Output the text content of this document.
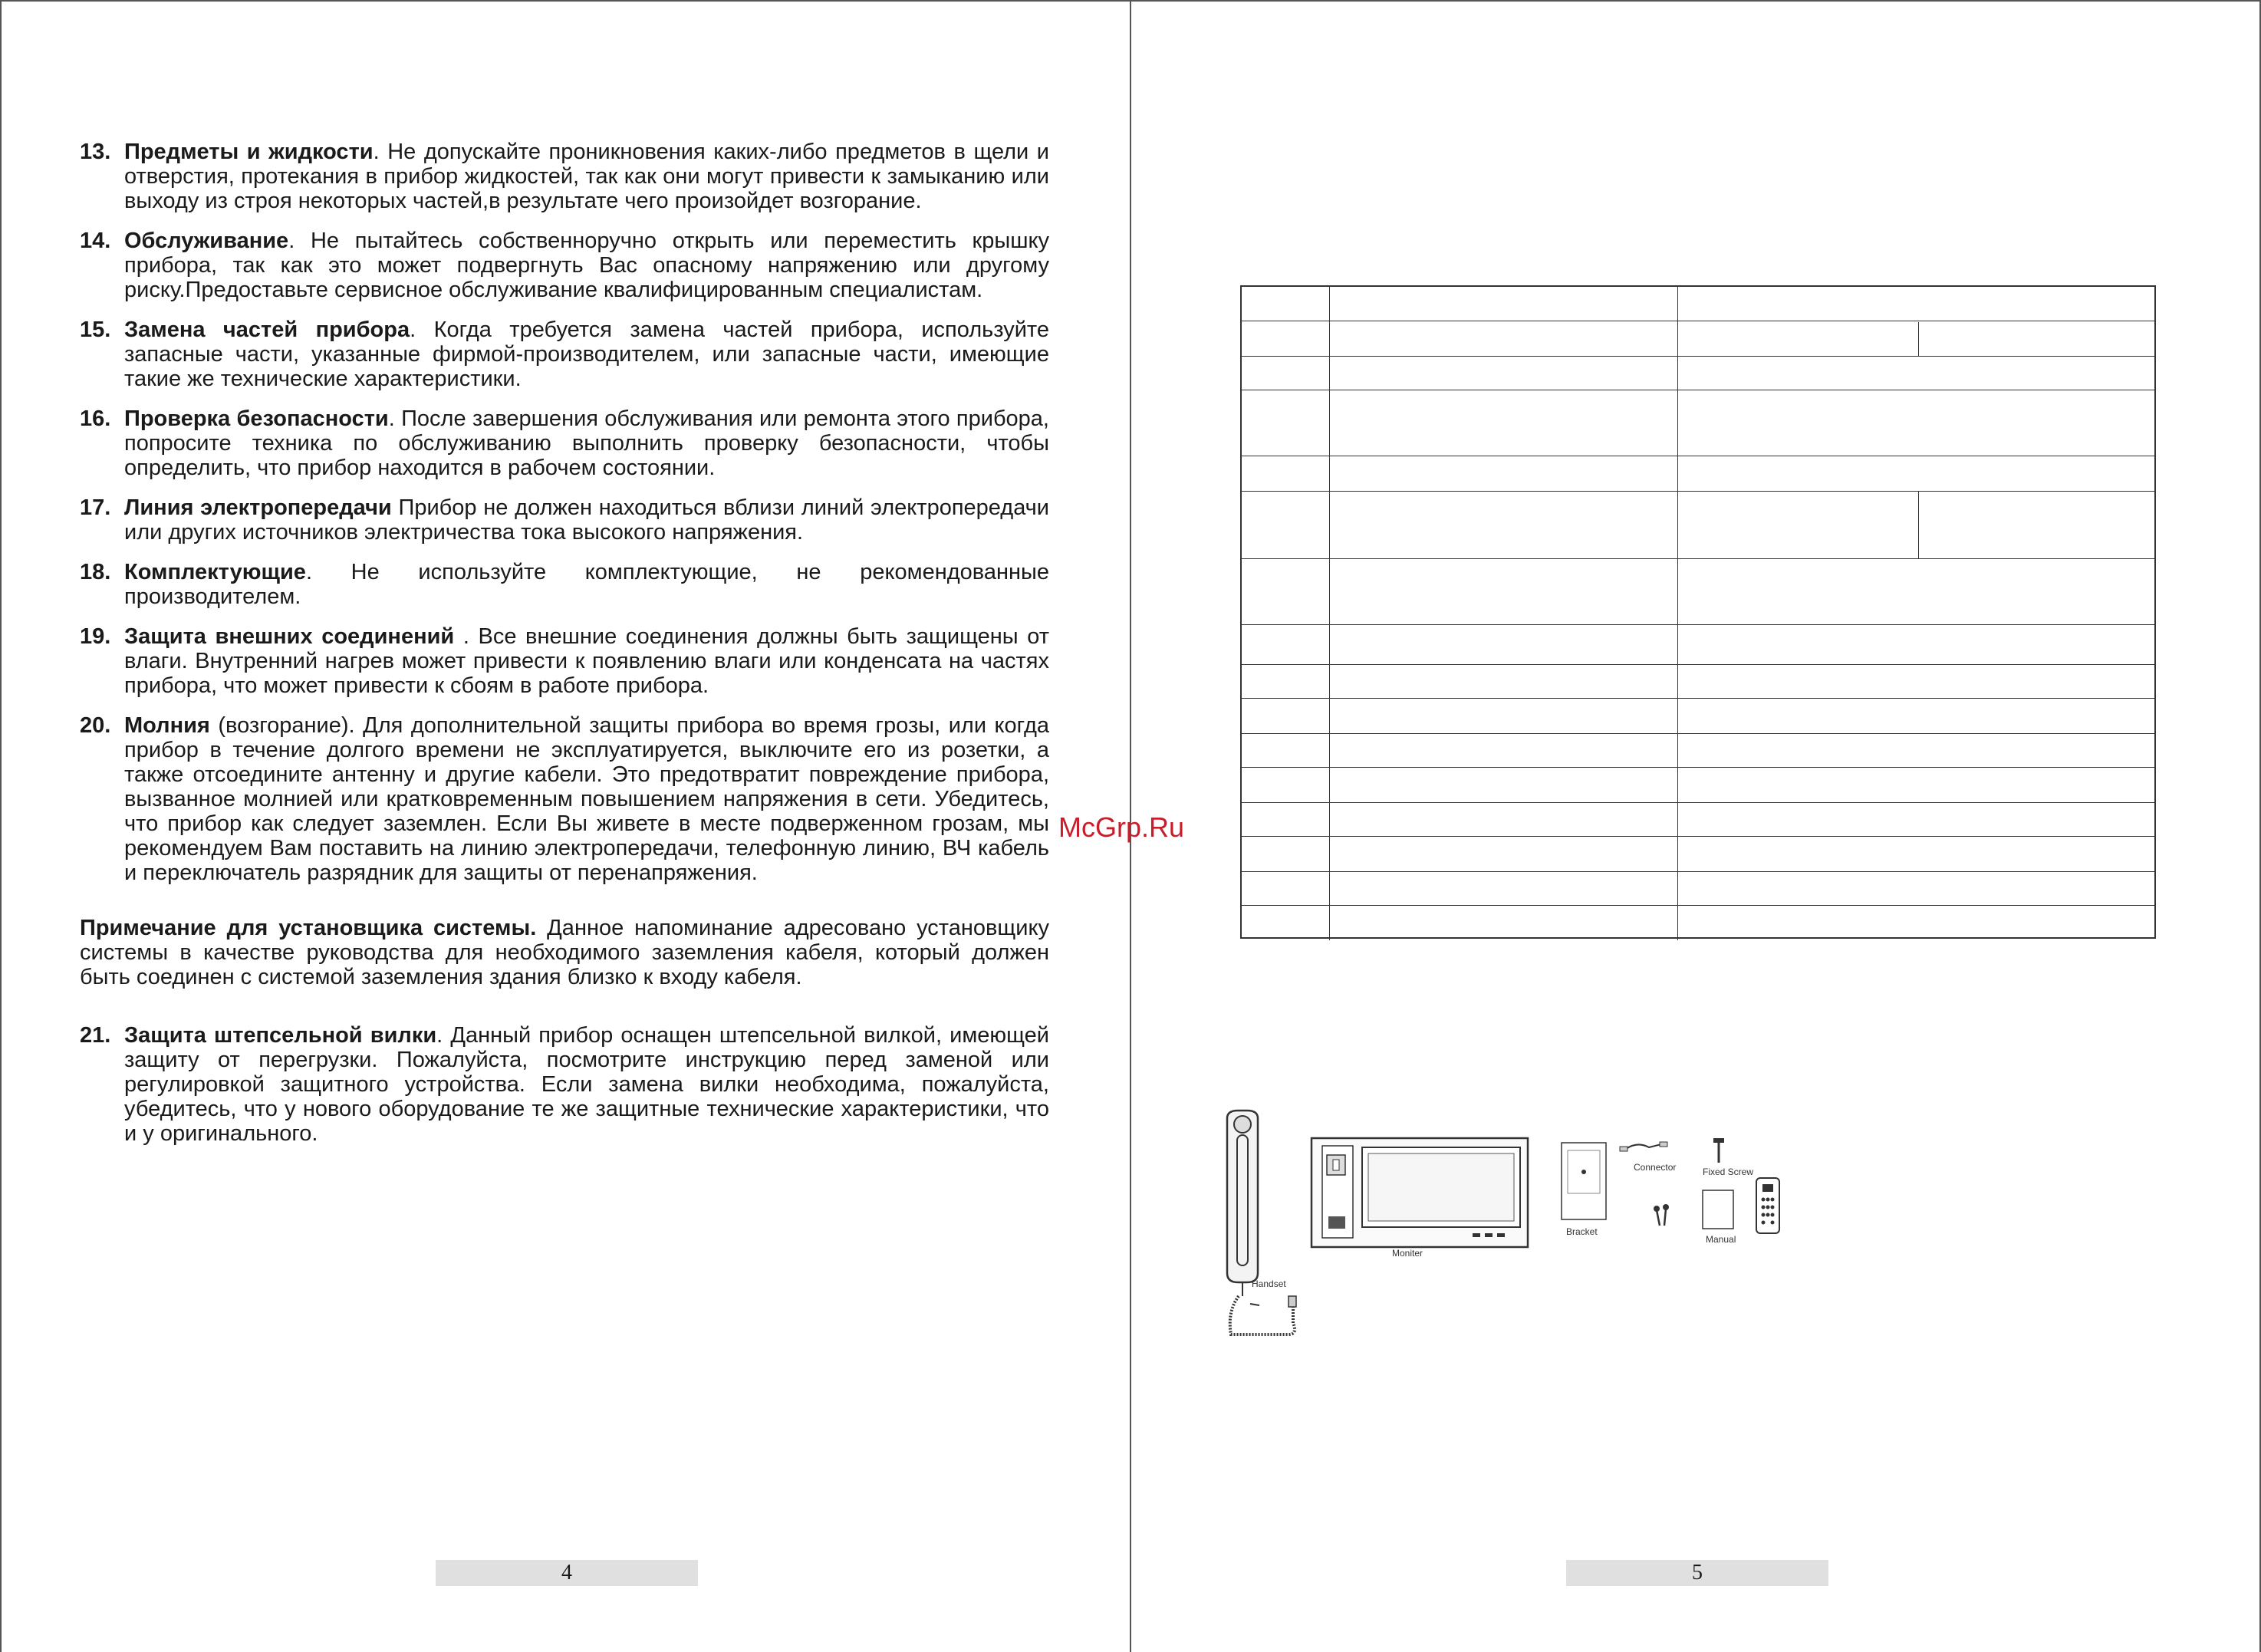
13. Предметы и жидкости. Не допускайте проникновения каких-либо предметов в щели и отверстия, протекания в прибор жидкостей, так как они могут привести к замыканию или выходу из строя некоторых частей,в результате чего произойдет возгорание.
14. Обслуживание. Не пытайтесь собственноручно открыть или переместить крышку прибора, так как это может подвергнуть Вас опасному напряжению или другому риску.Предоставьте сервисное обслуживание квалифицированным специалистам.
15. Замена частей прибора. Когда требуется замена частей прибора, используйте запасные части, указанные фирмой-производителем, или запасные части, имеющие такие же технические характеристики.
16. Проверка безопасности. После завершения обслуживания или ремонта этого прибора, попросите техника по обслуживанию выполнить проверку безопасности, чтобы определить, что прибор находится в рабочем состоянии.
17. Линия электропередачи Прибор не должен находиться вблизи линий электропередачи или других источников электричества тока высокого напряжения.
18. Комплектующие. Не используйте комплектующие, не рекомендованные производителем.
19. Защита внешних соединений . Все внешние соединения должны быть защищены от влаги. Внутренний нагрев может привести к появлению влаги или конденсата на частях прибора, что может привести к сбоям в работе прибора.
20. Молния (возгорание). Для дополнительной защиты прибора во время грозы, или когда прибор в течение долгого времени не эксплуатируется, выключите его из розетки, а также отсоедините антенну и другие кабели. Это предотвратит повреждение прибора, вызванное молнией или кратковременным повышением напряжения в сети. Убедитесь, что прибор как следует заземлен. Если Вы живете в месте подверженном грозам, мы рекомендуем Вам поставить на линию электропередачи, телефонную линию, ВЧ кабель и переключатель разрядник для защиты от перенапряжения.
Примечание для установщика системы. Данное напоминание адресовано установщику системы в качестве руководства для необходимого заземления кабеля, который должен быть соединен с системой заземления здания близко к входу кабеля.
21. Защита штепсельной вилки. Данный прибор оснащен штепсельной вилкой, имеющей защиту от перегрузки. Пожалуйста, посмотрите инструкцию перед заменой или регулировкой защитного устройства. Если замена вилки необходима, пожалуйста, убедитесь, что у нового оборудование те же защитные технические характеристики, что и у оригинального.
4	5
McGrp.Ru
Handset
Moniter
Bracket
Connector	Fixed Screw
Manual
